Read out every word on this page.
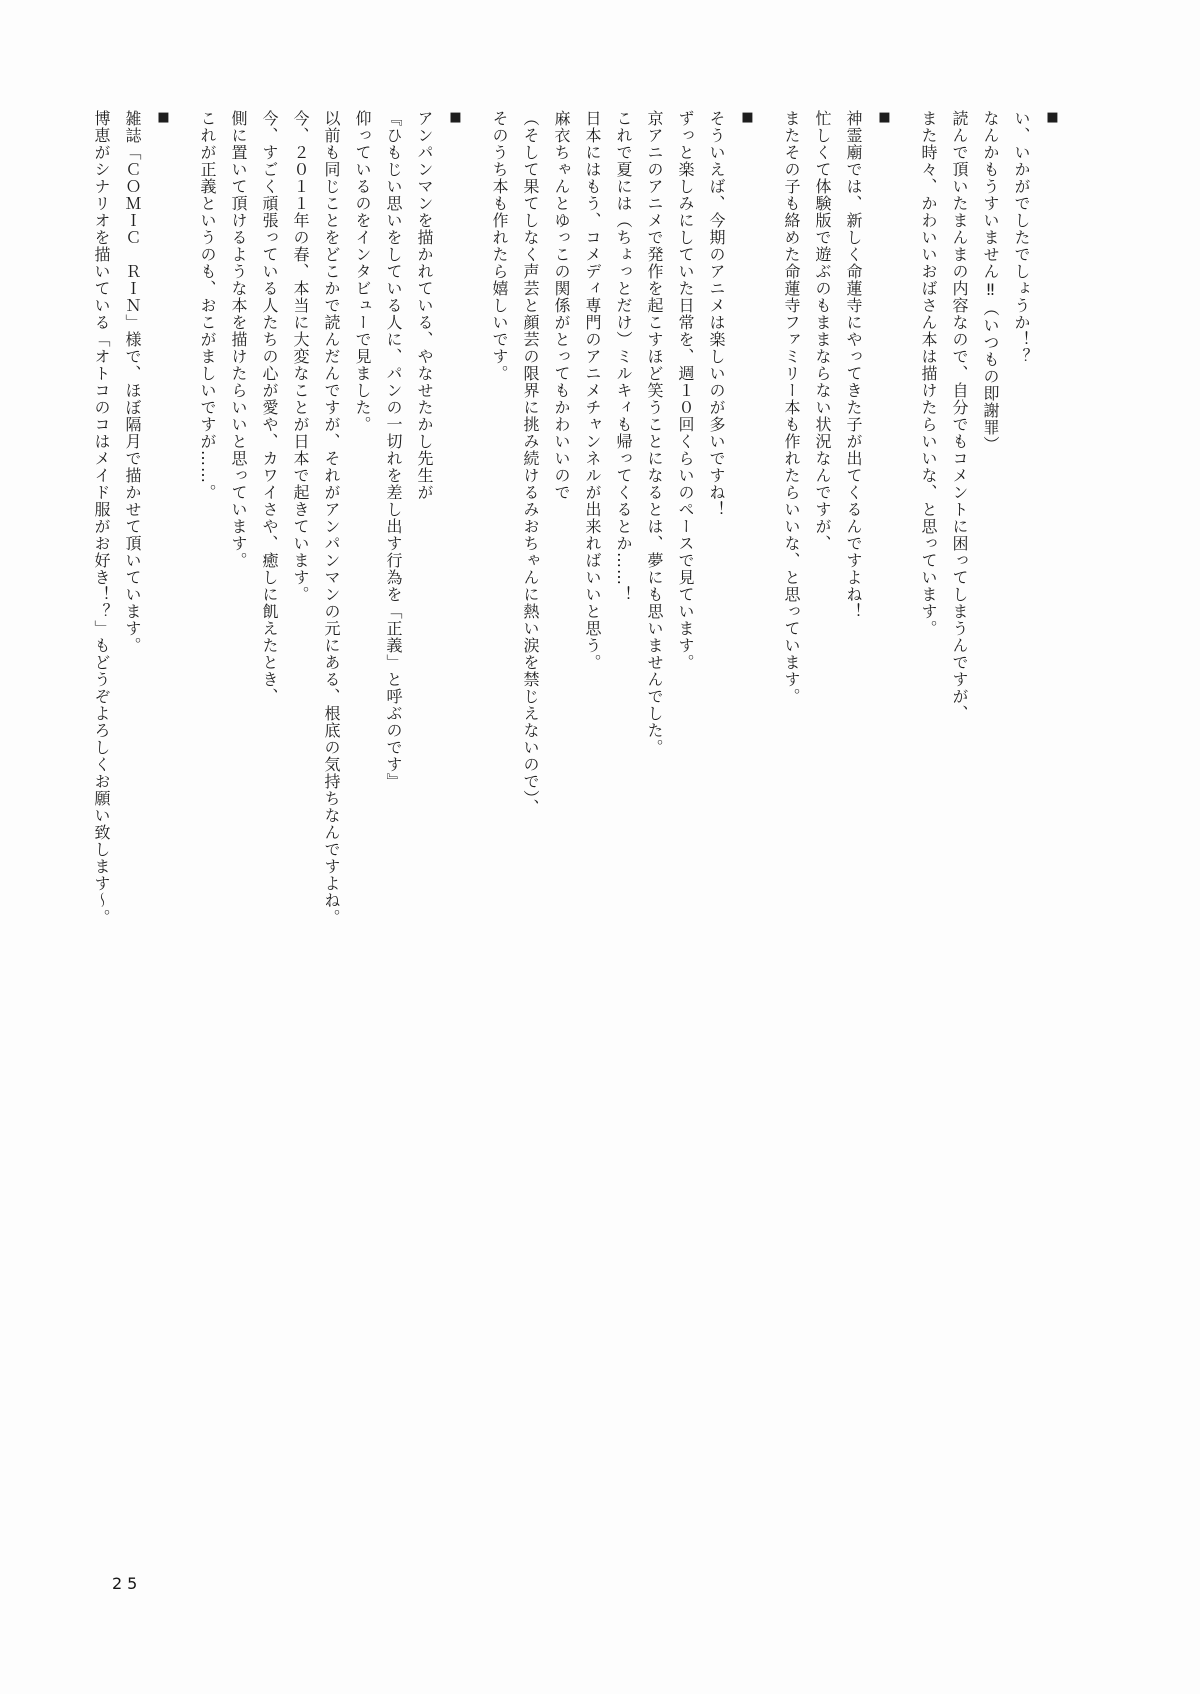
■

い、いかがでしたでしょうか！？

なんかもうすいません‼（いつもの即謝罪）

読んで頂いたまんまの内容なので、自分でもコメントに困ってしまうんですが、

また時々、かわいいおばさん本は描けたらいいな、と思っています。

■

神霊廟では、新しく命蓮寺にやってきた子が出てくるんですよね！

忙しくて体験版で遊ぶのもままならない状況なんですが、

またその子も絡めた命蓮寺ファミリー本も作れたらいいな、と思っています。

■

そういえば、今期のアニメは楽しいのが多いですね！

ずっと楽しみにしていた日常を、週１０回くらいのペースで見ています。

京アニのアニメで発作を起こすほど笑うことになるとは、夢にも思いませんでした。

これで夏には（ちょっとだけ）ミルキィも帰ってくるとか……！

日本にはもう、コメディ専門のアニメチャンネルが出来ればいいと思う。

麻衣ちゃんとゆっこの関係がとってもかわいいので

（そして果てしなく声芸と顔芸の限界に挑み続けるみおちゃんに熱い涙を禁じえないので）、

そのうち本も作れたら嬉しいです。

■

アンパンマンを描かれている、やなせたかし先生が

『ひもじい思いをしている人に、パンの一切れを差し出す行為を「正義」と呼ぶのです』

仰っているのをインタビューで見ました。

以前も同じことをどこかで読んだんですが、それがアンパンマンの元にある、根底の気持ちなんですよね。

今、２０１１年の春、本当に大変なことが日本で起きています。

今、すごく頑張っている人たちの心が愛や、カワイさや、癒しに飢えたとき、

側に置いて頂けるような本を描けたらいいと思っています。

これが正義というのも、おこがましいですが……。

■

雑誌「ＣＯＭＩＣ　ＲＩＮ」様で、ほぼ隔月で描かせて頂いています。

博恵がシナリオを描いている「オトコのコはメイド服がお好き！？」もどうぞよろしくお願い致します〜。

25
